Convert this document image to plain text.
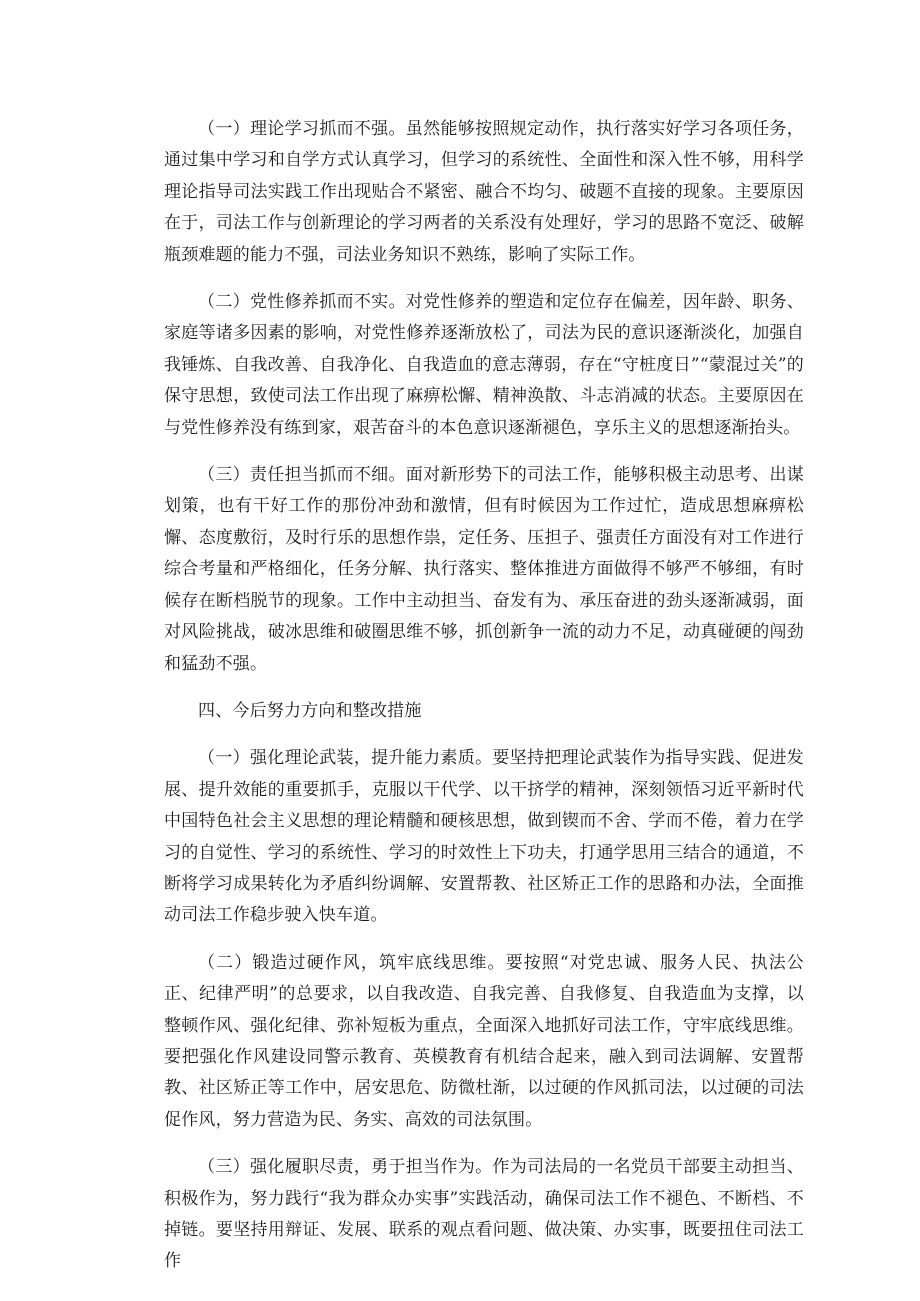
（一）理论学习抓而不强。虽然能够按照规定动作，执行落实好学习各项任务，通过集中学习和自学方式认真学习，但学习的系统性、全面性和深入性不够，用科学理论指导司法实践工作出现贴合不紧密、融合不均匀、破题不直接的现象。主要原因在于，司法工作与创新理论的学习两者的关系没有处理好，学习的思路不宽泛、破解瓶颈难题的能力不强，司法业务知识不熟练，影响了实际工作。

（二）党性修养抓而不实。对党性修养的塑造和定位存在偏差，因年龄、职务、家庭等诸多因素的影响，对党性修养逐渐放松了，司法为民的意识逐渐淡化，加强自我锤炼、自我改善、自我净化、自我造血的意志薄弱，存在“守桩度日”“蒙混过关”的保守思想，致使司法工作出现了麻痹松懈、精神涣散、斗志消减的状态。主要原因在与党性修养没有练到家，艰苦奋斗的本色意识逐渐褪色，享乐主义的思想逐渐抬头。

（三）责任担当抓而不细。面对新形势下的司法工作，能够积极主动思考、出谋划策，也有干好工作的那份冲劲和激情，但有时候因为工作过忙，造成思想麻痹松懈、态度敷衍，及时行乐的思想作祟，定任务、压担子、强责任方面没有对工作进行综合考量和严格细化，任务分解、执行落实、整体推进方面做得不够严不够细，有时候存在断档脱节的现象。工作中主动担当、奋发有为、承压奋进的劲头逐渐减弱，面对风险挑战，破冰思维和破圈思维不够，抓创新争一流的动力不足，动真碰硬的闯劲和猛劲不强。

四、今后努力方向和整改措施

（一）强化理论武装，提升能力素质。要坚持把理论武装作为指导实践、促进发展、提升效能的重要抓手，克服以干代学、以干挤学的精神，深刻领悟习近平新时代中国特色社会主义思想的理论精髓和硬核思想，做到锲而不舍、学而不倦，着力在学习的自觉性、学习的系统性、学习的时效性上下功夫，打通学思用三结合的通道，不断将学习成果转化为矛盾纠纷调解、安置帮教、社区矫正工作的思路和办法，全面推动司法工作稳步驶入快车道。

（二）锻造过硬作风，筑牢底线思维。要按照“对党忠诚、服务人民、执法公正、纪律严明”的总要求，以自我改造、自我完善、自我修复、自我造血为支撑，以整顿作风、强化纪律、弥补短板为重点，全面深入地抓好司法工作，守牢底线思维。要把强化作风建设同警示教育、英模教育有机结合起来，融入到司法调解、安置帮教、社区矫正等工作中，居安思危、防微杜渐，以过硬的作风抓司法，以过硬的司法促作风，努力营造为民、务实、高效的司法氛围。

（三）强化履职尽责，勇于担当作为。作为司法局的一名党员干部要主动担当、积极作为，努力践行“我为群众办实事”实践活动，确保司法工作不褪色、不断档、不掉链。要坚持用辩证、发展、联系的观点看问题、做决策、办实事，既要扭住司法工作
